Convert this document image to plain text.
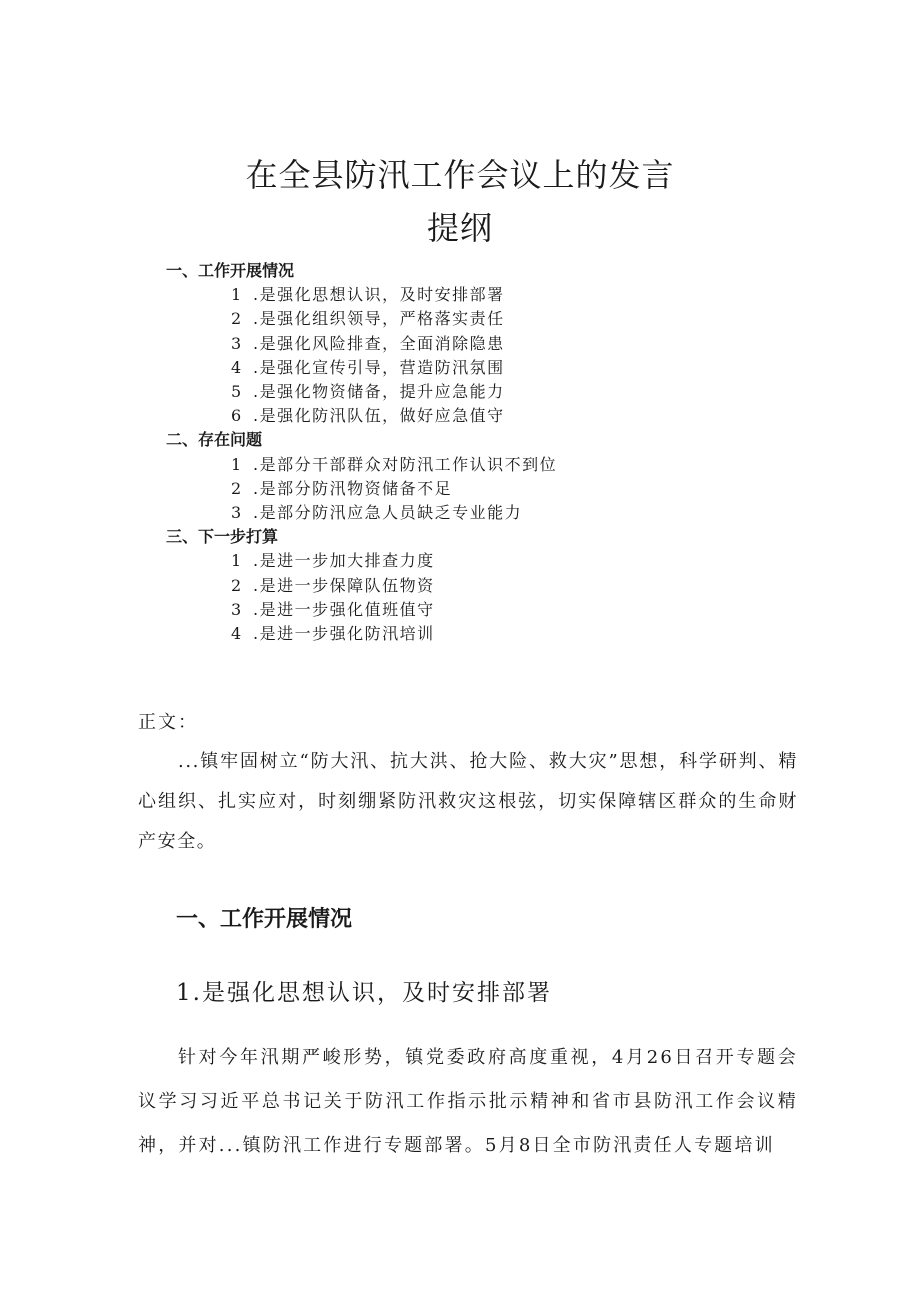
在全县防汛工作会议上的发言
提纲
一、工作开展情况
1 .是强化思想认识，及时安排部署
2 .是强化组织领导，严格落实责任
3 .是强化风险排查，全面消除隐患
4 .是强化宣传引导，营造防汛氛围
5 .是强化物资储备，提升应急能力
6 .是强化防汛队伍，做好应急值守
二、存在问题
1 .是部分干部群众对防汛工作认识不到位
2 .是部分防汛物资储备不足
3 .是部分防汛应急人员缺乏专业能力
三、下一步打算
1 .是进一步加大排查力度
2 .是进一步保障队伍物资
3 .是进一步强化值班值守
4 .是进一步强化防汛培训
正文：
...镇牢固树立“防大汛、抗大洪、抢大险、救大灾”思想，科学研判、精心组织、扎实应对，时刻绷紧防汛救灾这根弦，切实保障辖区群众的生命财产安全。
一、工作开展情况
1.是强化思想认识，及时安排部署
针对今年汛期严峻形势，镇党委政府高度重视，4月26日召开专题会议学习习近平总书记关于防汛工作指示批示精神和省市县防汛工作会议精神，并对...镇防汛工作进行专题部署。5月8日全市防汛责任人专题培训
